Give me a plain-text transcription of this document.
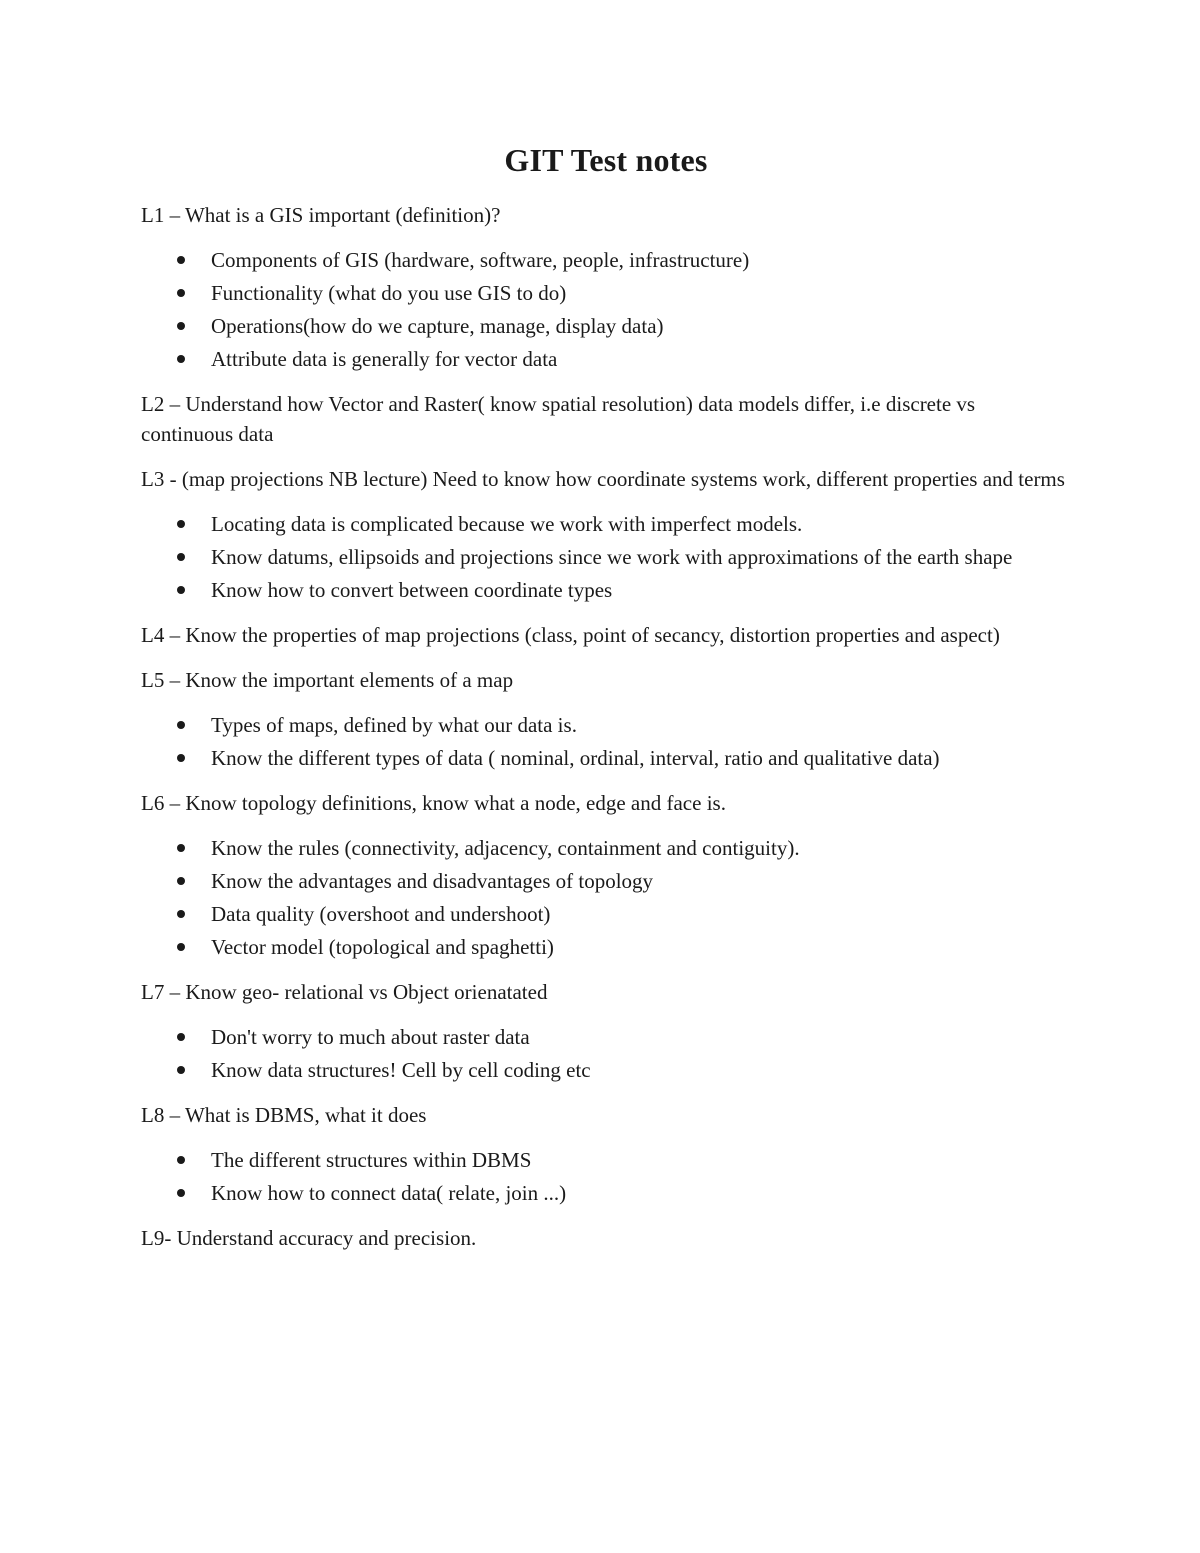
GIT Test notes

L1 – What is a GIS important (definition)?

Components of GIS (hardware, software, people, infrastructure)
Functionality (what do you use GIS to do)
Operations(how do we capture, manage, display data)
Attribute data is generally for vector data

L2 – Understand how Vector and Raster( know spatial resolution) data models differ, i.e discrete vs continuous data

L3 - (map projections NB lecture) Need to know how coordinate systems work, different properties and terms

Locating data is complicated because we work with imperfect models.
Know datums, ellipsoids and projections since we work with approximations of the earth shape
Know how to convert between coordinate types

L4 – Know the properties of map projections (class, point of secancy, distortion properties and aspect)

L5 – Know the important elements of a map

Types of maps, defined by what our data is.
Know the different types of data ( nominal, ordinal, interval, ratio and qualitative data)

L6 – Know topology definitions, know what a node, edge and face is.

Know the rules (connectivity, adjacency, containment and contiguity).
Know the advantages and disadvantages of topology
Data quality (overshoot and undershoot)
Vector model (topological and spaghetti)

L7 – Know geo- relational vs Object orienatated

Don't worry to much about raster data
Know data structures! Cell by cell coding etc

L8 – What is DBMS, what it does

The different structures within DBMS
Know how to connect data( relate, join ...)

L9- Understand accuracy and precision.
